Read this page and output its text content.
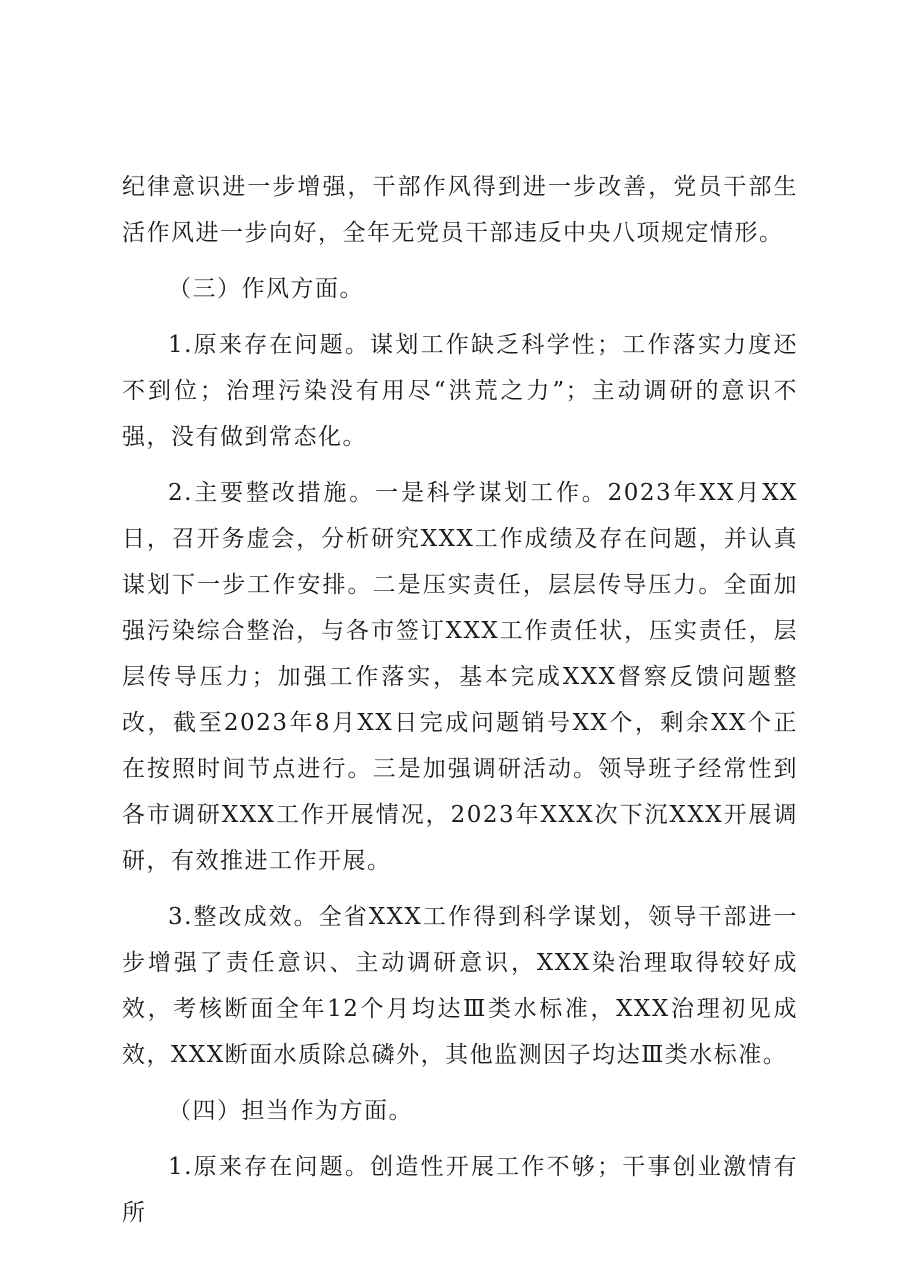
纪律意识进一步增强，干部作风得到进一步改善，党员干部生活作风进一步向好，全年无党员干部违反中央八项规定情形。

（三）作风方面。

1.原来存在问题。谋划工作缺乏科学性；工作落实力度还不到位；治理污染没有用尽“洪荒之力”；主动调研的意识不强，没有做到常态化。

2.主要整改措施。一是科学谋划工作。2023年XX月XX日，召开务虚会，分析研究XXX工作成绩及存在问题，并认真谋划下一步工作安排。二是压实责任，层层传导压力。全面加强污染综合整治，与各市签订XXX工作责任状，压实责任，层层传导压力；加强工作落实，基本完成XXX督察反馈问题整改，截至2023年8月XX日完成问题销号XX个，剩余XX个正在按照时间节点进行。三是加强调研活动。领导班子经常性到各市调研XXX工作开展情况，2023年XXX次下沉XXX开展调研，有效推进工作开展。

3.整改成效。全省XXX工作得到科学谋划，领导干部进一步增强了责任意识、主动调研意识，XXX染治理取得较好成效，考核断面全年12个月均达Ⅲ类水标准，XXX治理初见成效，XXX断面水质除总磷外，其他监测因子均达Ⅲ类水标准。

（四）担当作为方面。

1.原来存在问题。创造性开展工作不够；干事创业激情有所
